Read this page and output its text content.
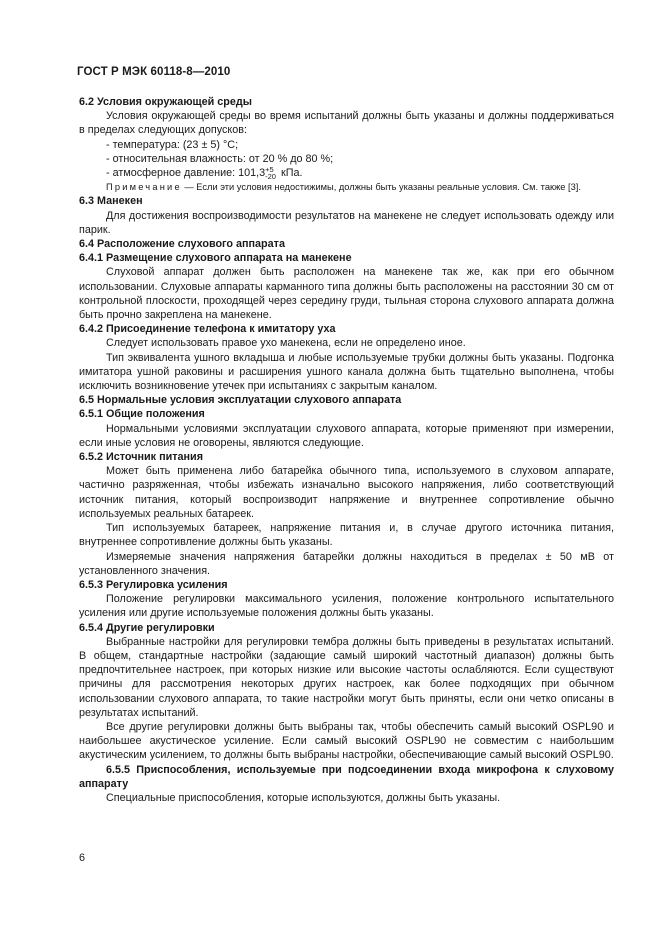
ГОСТ Р МЭК 60118-8—2010

6.2 Условия окружающей среды

Условия окружающей среды во время испытаний должны быть указаны и должны поддерживаться в пределах следующих допусков:

- температура: (23 ± 5) °С;
- относительная влажность: от 20 % до 80 %;
- атмосферное давление: 101,3 +5
-20 кПа.

Примечание — Если эти условия недостижимы, должны быть указаны реальные условия. См. также [3].

6.3 Манекен

Для достижения воспроизводимости результатов на манекене не следует использовать одежду или парик.

6.4 Расположение слухового аппарата

6.4.1 Размещение слухового аппарата на манекене

Слуховой аппарат должен быть расположен на манекене так же, как при его обычном использовании. Слуховые аппараты карманного типа должны быть расположены на расстоянии 30 см от контрольной плоскости, проходящей через середину груди, тыльная сторона слухового аппарата должна быть прочно закреплена на манекене.

6.4.2 Присоединение телефона к имитатору уха

Следует использовать правое ухо манекена, если не определено иное.

Тип эквивалента ушного вкладыша и любые используемые трубки должны быть указаны. Подгонка имитатора ушной раковины и расширения ушного канала должна быть тщательно выполнена, чтобы исключить возникновение утечек при испытаниях с закрытым каналом.

6.5 Нормальные условия эксплуатации слухового аппарата

6.5.1 Общие положения

Нормальными условиями эксплуатации слухового аппарата, которые применяют при измерении, если иные условия не оговорены, являются следующие.

6.5.2 Источник питания

Может быть применена либо батарейка обычного типа, используемого в слуховом аппарате, частично разряженная, чтобы избежать изначально высокого напряжения, либо соответствующий источник питания, который воспроизводит напряжение и внутреннее сопротивление обычно используемых реальных батареек.

Тип используемых батареек, напряжение питания и, в случае другого источника питания, внутреннее сопротивление должны быть указаны.

Измеряемые значения напряжения батарейки должны находиться в пределах ± 50 мВ от установленного значения.

6.5.3 Регулировка усиления

Положение регулировки максимального усиления, положение контрольного испытательного усиления или другие используемые положения должны быть указаны.

6.5.4 Другие регулировки

Выбранные настройки для регулировки тембра должны быть приведены в результатах испытаний. В общем, стандартные настройки (задающие самый широкий частотный диапазон) должны быть предпочтительнее настроек, при которых низкие или высокие частоты ослабляются. Если существуют причины для рассмотрения некоторых других настроек, как более подходящих при обычном использовании слухового аппарата, то такие настройки могут быть приняты, если они четко описаны в результатах испытаний.

Все другие регулировки должны быть выбраны так, чтобы обеспечить самый высокий OSPL90 и наибольшее акустическое усиление. Если самый высокий OSPL90 не совместим с наибольшим акустическим усилением, то должны быть выбраны настройки, обеспечивающие самый высокий OSPL90.

6.5.5 Приспособления, используемые при подсоединении входа микрофона к слуховому аппарату

Специальные приспособления, которые используются, должны быть указаны.

6
